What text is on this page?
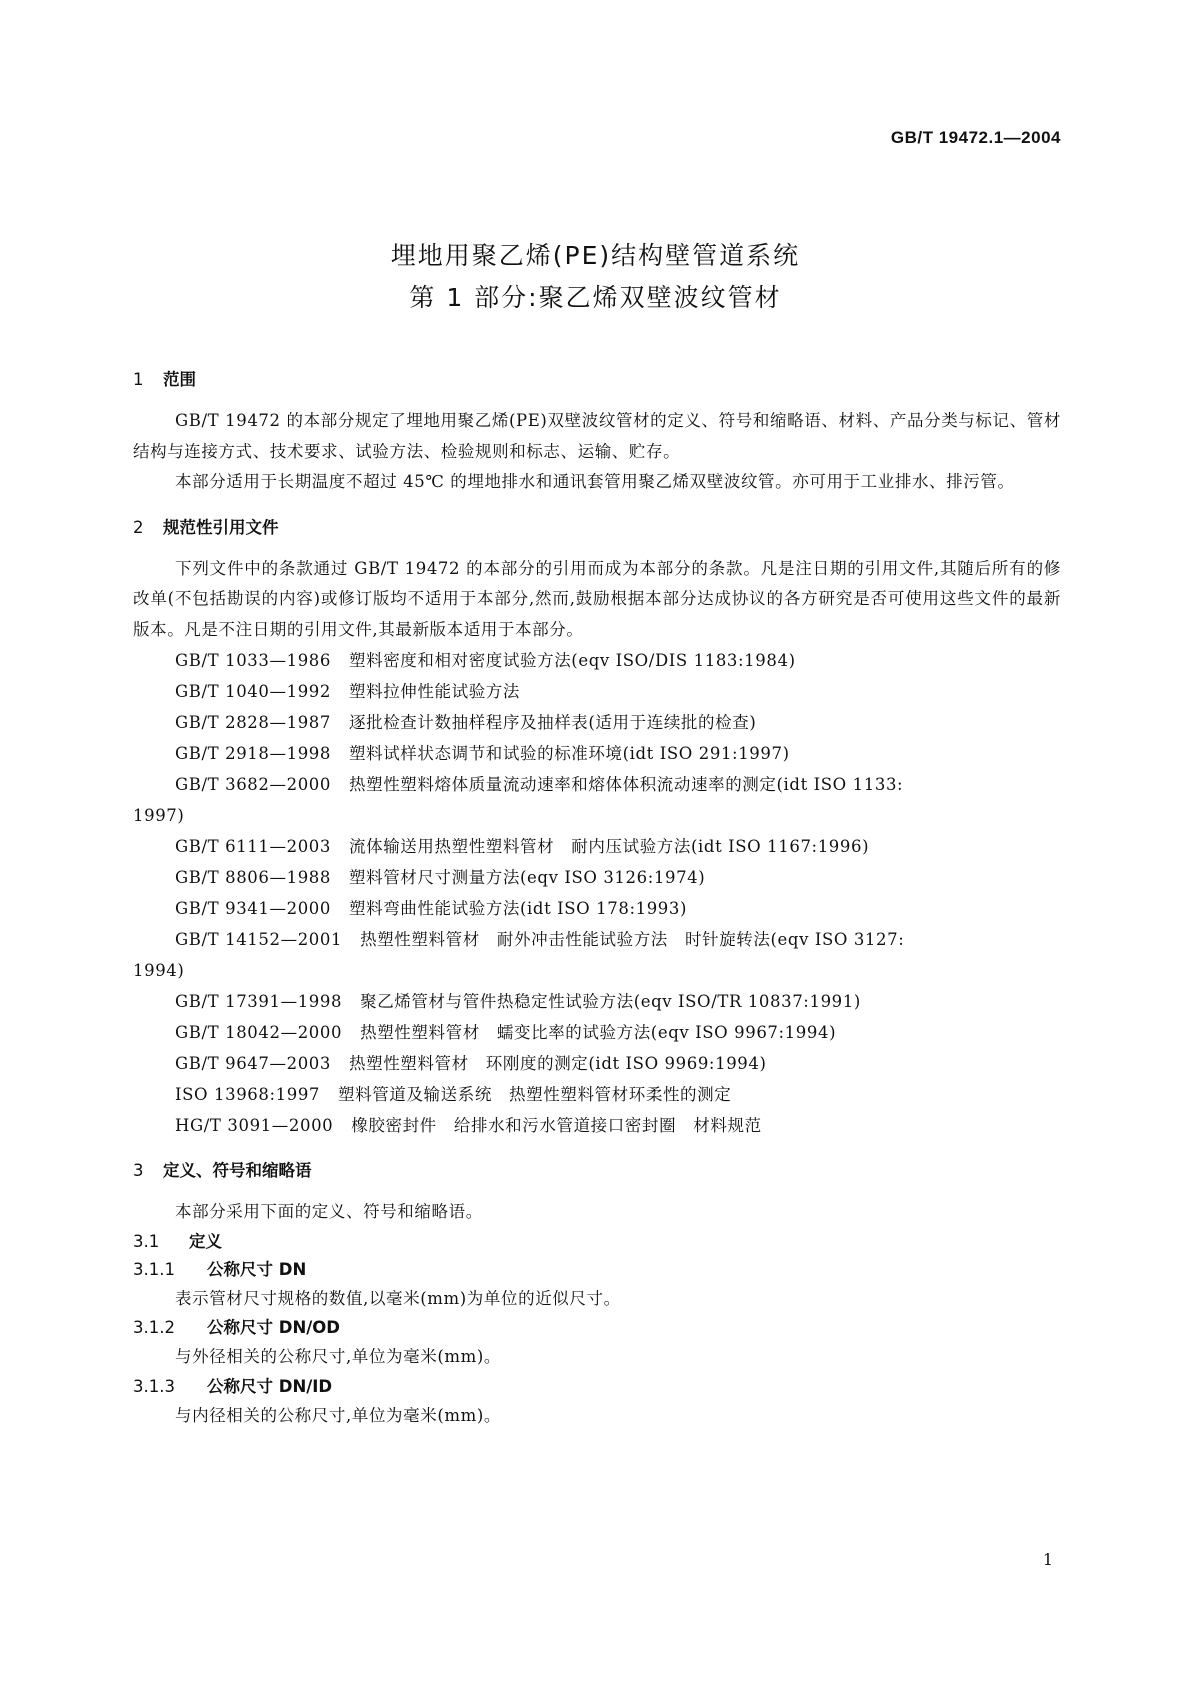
GB/T 19472.1—2004
埋地用聚乙烯(PE)结构壁管道系统
第 1 部分:聚乙烯双壁波纹管材
1 范围

GB/T 19472 的本部分规定了埋地用聚乙烯(PE)双壁波纹管材的定义、符号和缩略语、材料、产品分类与标记、管材结构与连接方式、技术要求、试验方法、检验规则和标志、运输、贮存。

本部分适用于长期温度不超过 45℃ 的埋地排水和通讯套管用聚乙烯双壁波纹管。亦可用于工业排水、排污管。

2 规范性引用文件

下列文件中的条款通过 GB/T 19472 的本部分的引用而成为本部分的条款。凡是注日期的引用文件,其随后所有的修改单(不包括勘误的内容)或修订版均不适用于本部分,然而,鼓励根据本部分达成协议的各方研究是否可使用这些文件的最新版本。凡是不注日期的引用文件,其最新版本适用于本部分。

GB/T 1033—1986 塑料密度和相对密度试验方法(eqv ISO/DIS 1183:1984)
GB/T 1040—1992 塑料拉伸性能试验方法
GB/T 2828—1987 逐批检查计数抽样程序及抽样表(适用于连续批的检查)
GB/T 2918—1998 塑料试样状态调节和试验的标准环境(idt ISO 291:1997)
GB/T 3682—2000 热塑性塑料熔体质量流动速率和熔体体积流动速率的测定(idt ISO 1133:
1997)
GB/T 6111—2003 流体输送用热塑性塑料管材　耐内压试验方法(idt ISO 1167:1996)
GB/T 8806—1988 塑料管材尺寸测量方法(eqv ISO 3126:1974)
GB/T 9341—2000 塑料弯曲性能试验方法(idt ISO 178:1993)
GB/T 14152—2001 热塑性塑料管材　耐外冲击性能试验方法　时针旋转法(eqv ISO 3127:
1994)
GB/T 17391—1998 聚乙烯管材与管件热稳定性试验方法(eqv ISO/TR 10837:1991)
GB/T 18042—2000 热塑性塑料管材　蠕变比率的试验方法(eqv ISO 9967:1994)
GB/T 9647—2003 热塑性塑料管材　环刚度的测定(idt ISO 9969:1994)
ISO 13968:1997 塑料管道及输送系统　热塑性塑料管材环柔性的测定
HG/T 3091—2000 橡胶密封件　给排水和污水管道接口密封圈　材料规范
3 定义、符号和缩略语

本部分采用下面的定义、符号和缩略语。

3.1 定义
3.1.1 公称尺寸 DN

表示管材尺寸规格的数值,以毫米(mm)为单位的近似尺寸。

3.1.2 公称尺寸 DN/OD

与外径相关的公称尺寸,单位为毫米(mm)。

3.1.3 公称尺寸 DN/ID

与内径相关的公称尺寸,单位为毫米(mm)。

1
